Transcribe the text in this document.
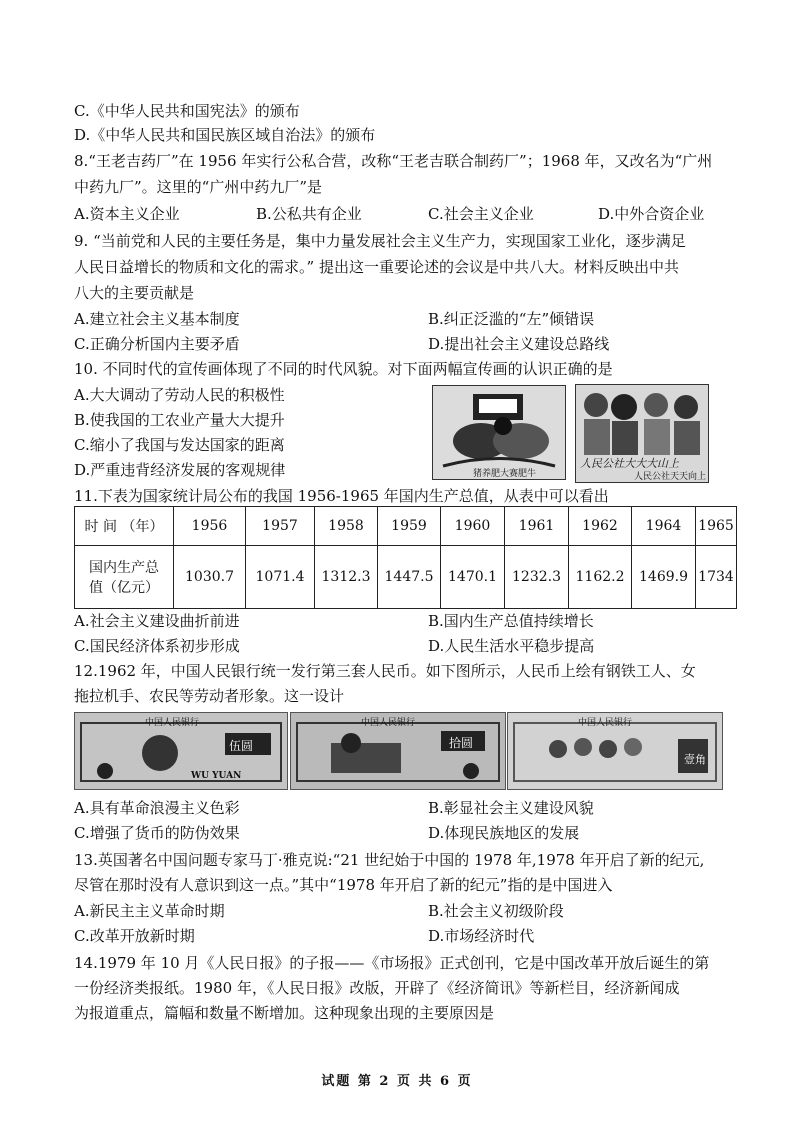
C.《中华人民共和国宪法》的颁布
D.《中华人民共和国民族区域自治法》的颁布
8.“王老吉药厂”在 1956 年实行公私合营，改称“王老吉联合制药厂”；1968 年，又改名为“广州
中药九厂”。这里的“广州中药九厂”是
A.资本主义企业	B.公私共有企业	C.社会主义企业	D.中外合资企业
9. “当前党和人民的主要任务是，集中力量发展社会主义生产力，实现国家工业化，逐步满足
人民日益增长的物质和文化的需求。” 提出这一重要论述的会议是中共八大。材料反映出中共
八大的主要贡献是
A.建立社会主义基本制度	B.纠正泛滥的“左”倾错误
C.正确分析国内主要矛盾	D.提出社会主义建设总路线
10. 不同时代的宣传画体现了不同的时代风貌。对下面两幅宣传画的认识正确的是
A.大大调动了劳动人民的积极性
B.使我国的工农业产量大大提升
C.缩小了我国与发达国家的距离
D.严重违背经济发展的客观规律	猪养肥大赛肥牛
人民公社大大大山上
人民公社天天向上
11.下表为国家统计局公布的我国 1956-1965 年国内生产总值，从表中可以看出
时 间 （年）	1956	1957	1958	1959	1960	1961	1962	1964	1965

国内生产总
值（亿元）	1030.7	1071.4	1312.3	1447.5	1470.1	1232.3	1162.2	1469.9	1734
A.社会主义建设曲折前进	B.国内生产总值持续增长
C.国民经济体系初步形成	D.人民生活水平稳步提高
12.1962 年，中国人民银行统一发行第三套人民币。如下图所示，人民币上绘有钢铁工人、女
拖拉机手、农民等劳动者形象。这一设计
中国人民银行
伍圆
WU YUAN
中国人民银行
拾圆
中国人民银行
壹角
A.具有革命浪漫主义色彩	B.彰显社会主义建设风貌
C.增强了货币的防伪效果	D.体现民族地区的发展
13.英国著名中国问题专家马丁·雅克说:“21 世纪始于中国的 1978 年,1978 年开启了新的纪元,
尽管在那时没有人意识到这一点。”其中“1978 年开启了新的纪元”指的是中国进入
A.新民主主义革命时期	B.社会主义初级阶段
C.改革开放新时期	D.市场经济时代
14.1979 年 10 月《人民日报》的子报——《市场报》正式创刊，它是中国改革开放后诞生的第
一份经济类报纸。1980 年，《人民日报》改版，开辟了《经济简讯》等新栏目，经济新闻成
为报道重点，篇幅和数量不断增加。这种现象出现的主要原因是
试题 第 2 页 共 6 页
